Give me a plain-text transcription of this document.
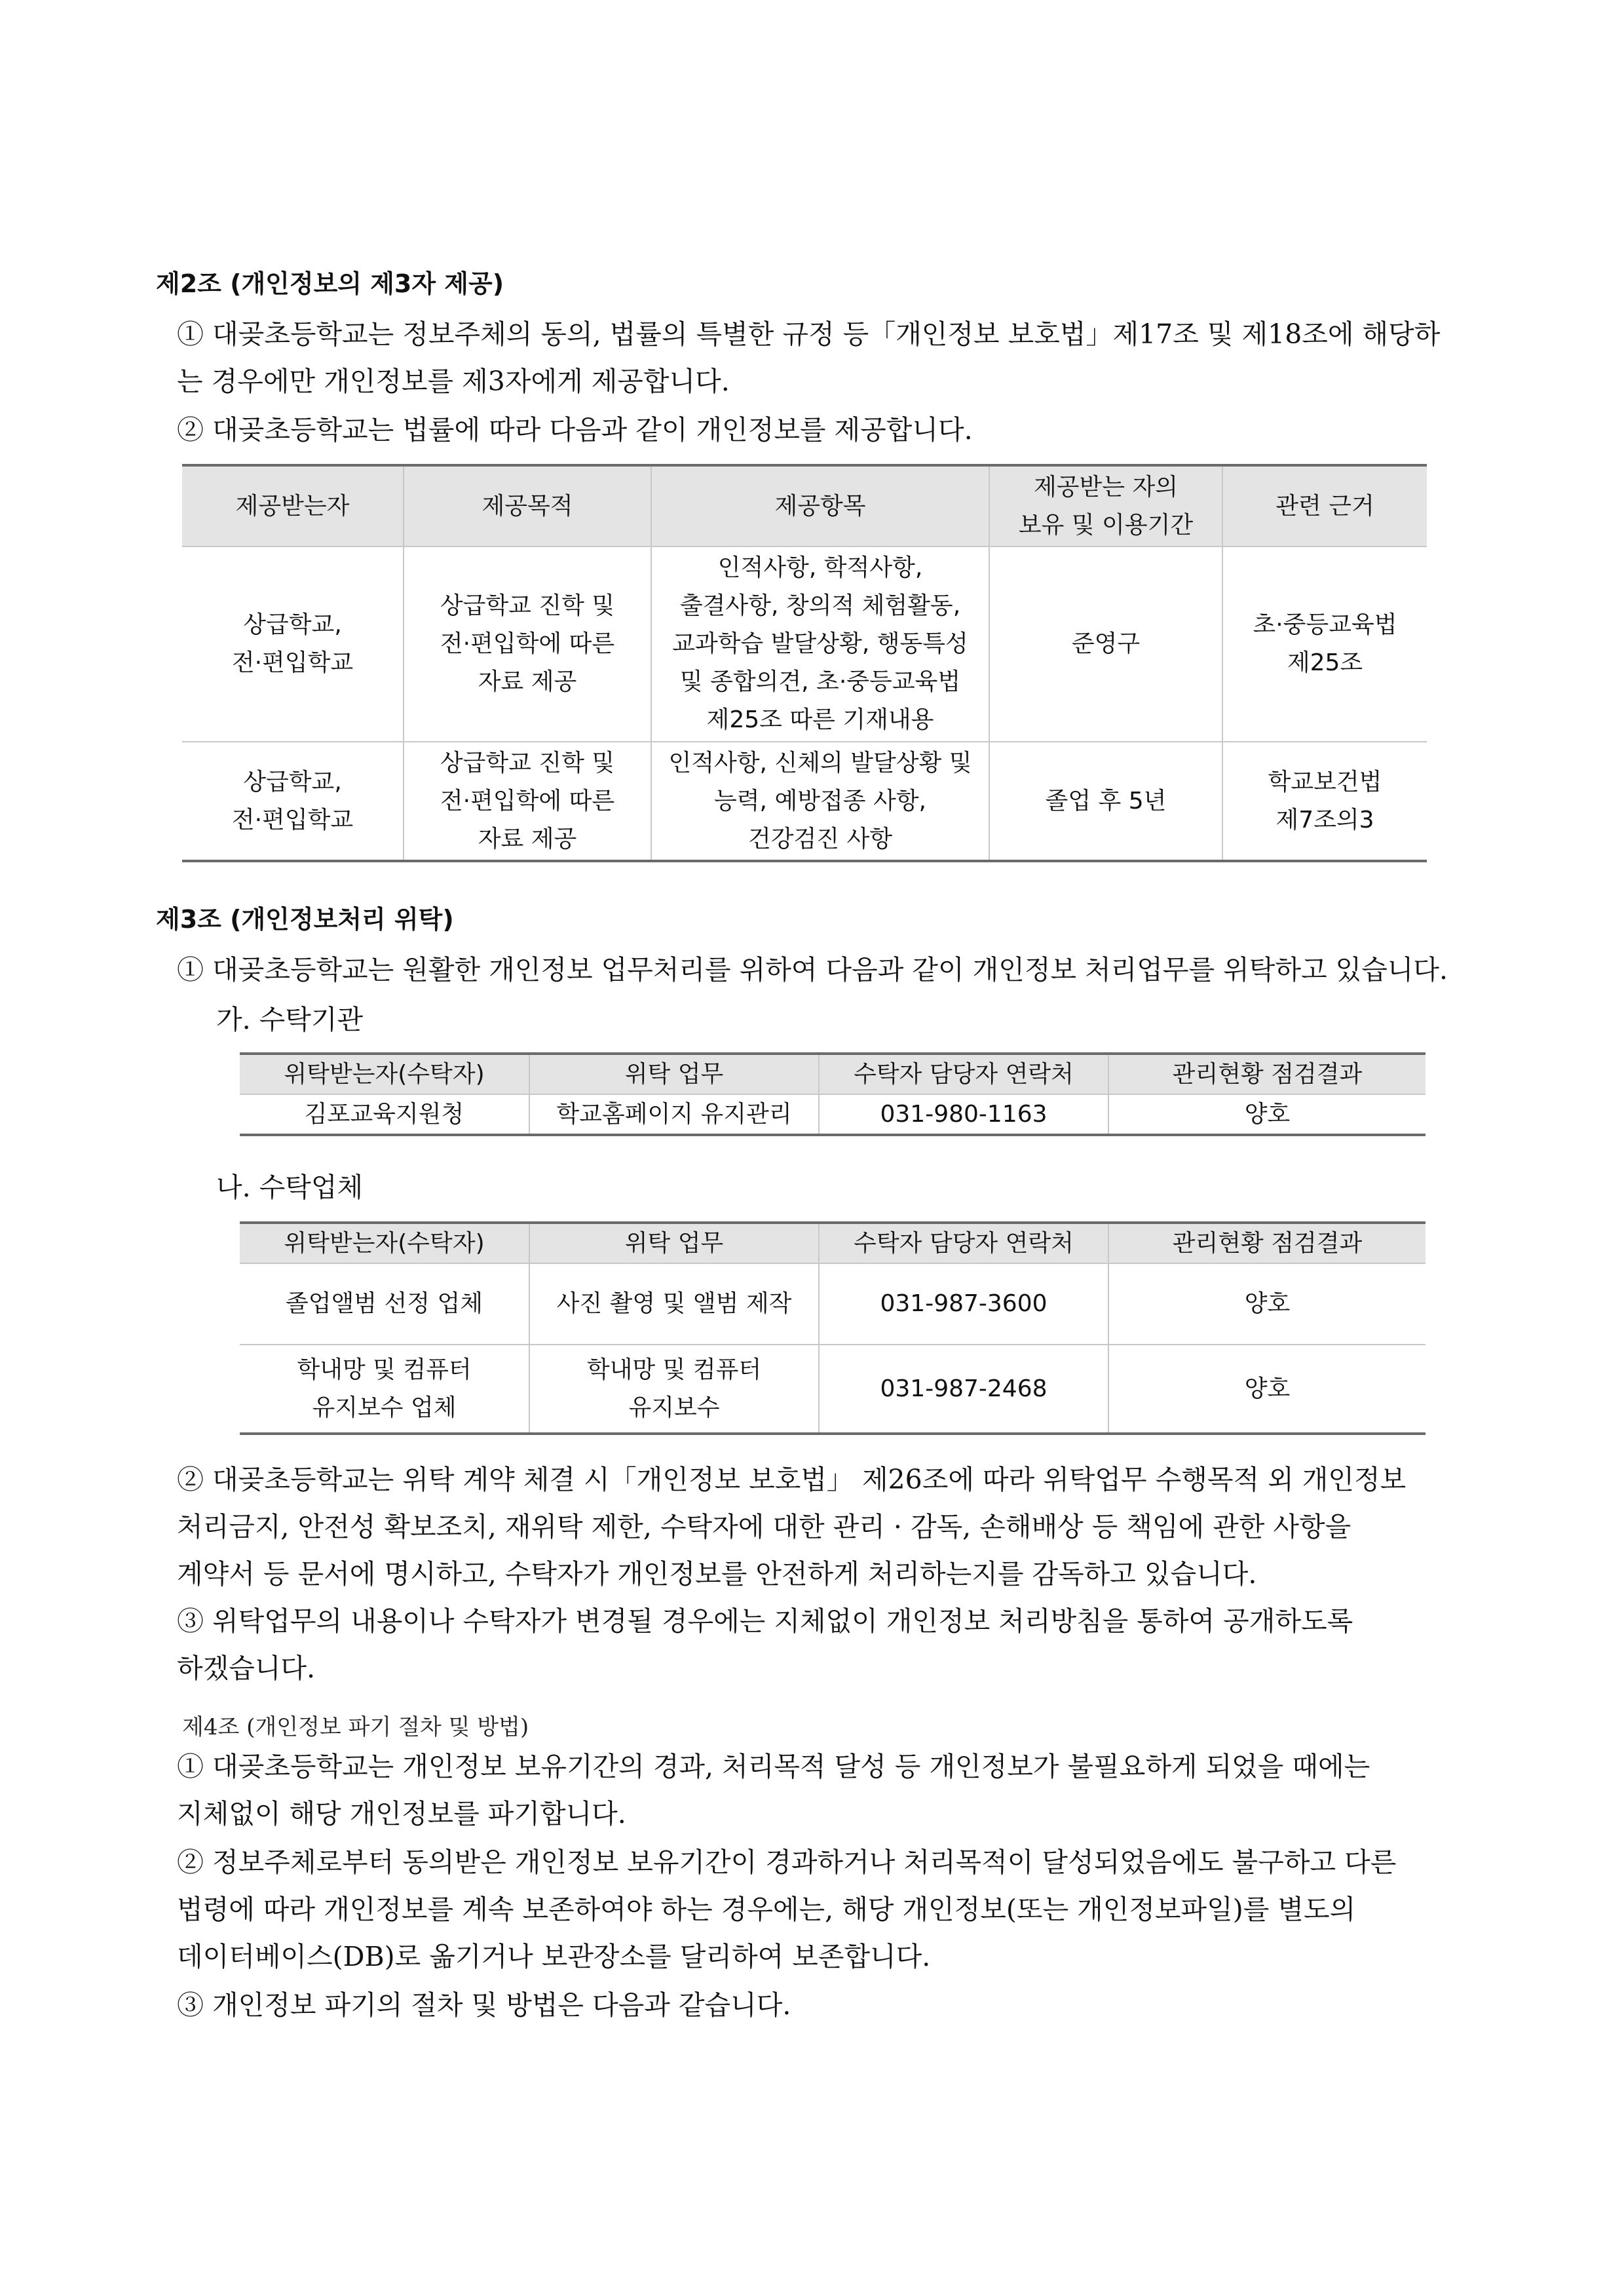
제2조 (개인정보의 제3자 제공)
① 대곶초등학교는 정보주체의 동의, 법률의 특별한 규정 등「개인정보 보호법」제17조 및 제18조에 해당하
는 경우에만 개인정보를 제3자에게 제공합니다.
② 대곶초등학교는 법률에 따라 다음과 같이 개인정보를 제공합니다.
제공받는자	제공목적	제공항목	제공받는 자의
보유 및 이용기간	관련 근거
상급학교,
전·편입학교	상급학교 진학 및
전·편입학에 따른
자료 제공	인적사항, 학적사항,
출결사항, 창의적 체험활동,
교과학습 발달상황, 행동특성
및 종합의견, 초·중등교육법
제25조 따른 기재내용	준영구	초·중등교육법
제25조
상급학교,
전·편입학교	상급학교 진학 및
전·편입학에 따른
자료 제공	인적사항, 신체의 발달상황 및
능력, 예방접종 사항,
건강검진 사항	졸업 후 5년	학교보건법
제7조의3
제3조 (개인정보처리 위탁)
① 대곶초등학교는 원활한 개인정보 업무처리를 위하여 다음과 같이 개인정보 처리업무를 위탁하고 있습니다.
가. 수탁기관
위탁받는자(수탁자)	위탁 업무	수탁자 담당자 연락처	관리현황 점검결과
김포교육지원청	학교홈페이지 유지관리	031-980-1163	양호
나. 수탁업체
위탁받는자(수탁자)	위탁 업무	수탁자 담당자 연락처	관리현황 점검결과
졸업앨범 선정 업체	사진 촬영 및 앨범 제작	031-987-3600	양호
학내망 및 컴퓨터
유지보수 업체	학내망 및 컴퓨터
유지보수	031-987-2468	양호
② 대곶초등학교는 위탁 계약 체결 시「개인정보 보호법」 제26조에 따라 위탁업무 수행목적 외 개인정보
처리금지, 안전성 확보조치, 재위탁 제한, 수탁자에 대한 관리 · 감독, 손해배상 등 책임에 관한 사항을
계약서 등 문서에 명시하고, 수탁자가 개인정보를 안전하게 처리하는지를 감독하고 있습니다.
③ 위탁업무의 내용이나 수탁자가 변경될 경우에는 지체없이 개인정보 처리방침을 통하여 공개하도록
하겠습니다.
제4조 (개인정보 파기 절차 및 방법)
① 대곶초등학교는 개인정보 보유기간의 경과, 처리목적 달성 등 개인정보가 불필요하게 되었을 때에는
지체없이 해당 개인정보를 파기합니다.
② 정보주체로부터 동의받은 개인정보 보유기간이 경과하거나 처리목적이 달성되었음에도 불구하고 다른
법령에 따라 개인정보를 계속 보존하여야 하는 경우에는, 해당 개인정보(또는 개인정보파일)를 별도의
데이터베이스(DB)로 옮기거나 보관장소를 달리하여 보존합니다.
③ 개인정보 파기의 절차 및 방법은 다음과 같습니다.
